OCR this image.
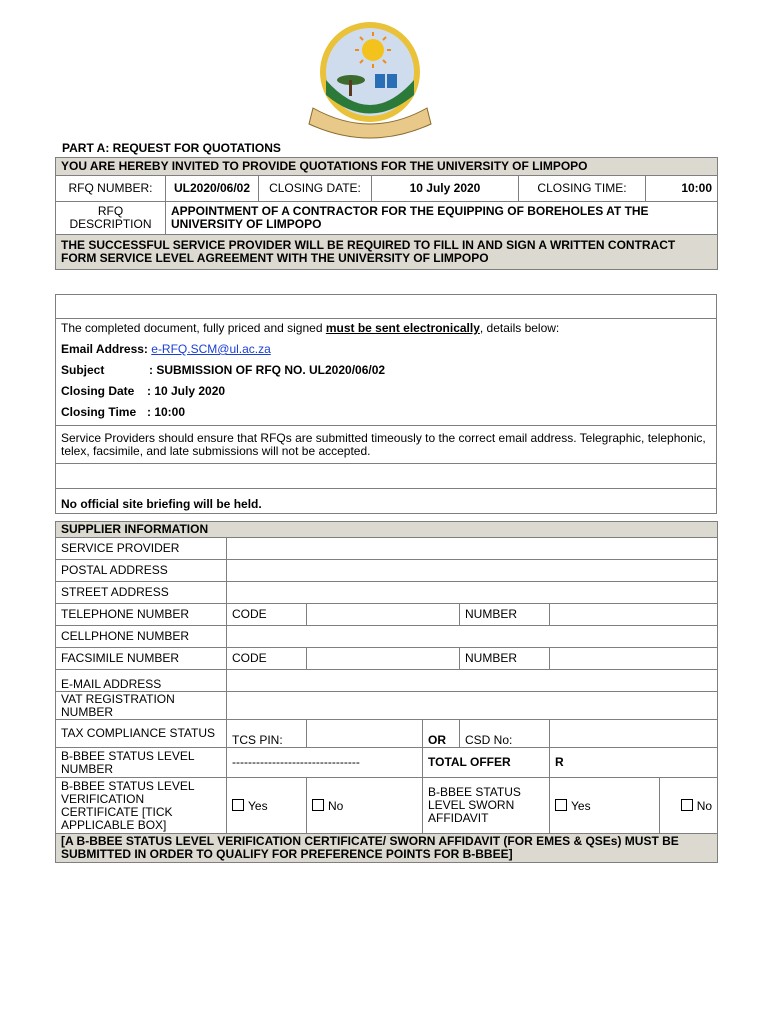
PART A: REQUEST FOR QUOTATIONS
YOU ARE HEREBY INVITED TO PROVIDE QUOTATIONS FOR THE UNIVERSITY OF LIMPOPO					
RFQ NUMBER:	UL2020/06/02	CLOSING DATE:	10 July 2020	CLOSING TIME:	10:00
RFQ DESCRIPTION	APPOINTMENT OF A CONTRACTOR FOR THE EQUIPPING OF BOREHOLES AT THE UNIVERSITY OF LIMPOPO				
THE SUCCESSFUL SERVICE PROVIDER WILL BE REQUIRED TO FILL IN AND SIGN A WRITTEN CONTRACT FORM SERVICE LEVEL AGREEMENT WITH THE UNIVERSITY OF LIMPOPO					

The completed document, fully priced and signed must be sent electronically, details below:
Email Address: e-RFQ.SCM@ul.ac.za
Subject	: SUBMISSION OF RFQ NO. UL2020/06/02
Closing Date : 10 July 2020
Closing Time : 10:00

Service Providers should ensure that RFQs are submitted timeously to the correct email address. Telegraphic, telephonic, telex, facsimile, and late submissions will not be accepted.

No official site briefing will be held.
SUPPLIER INFORMATION						
SERVICE PROVIDER						
POSTAL ADDRESS						
STREET ADDRESS						
TELEPHONE NUMBER	CODE			NUMBER		
CELLPHONE NUMBER						
FACSIMILE NUMBER	CODE			NUMBER		
E-MAIL ADDRESS						
VAT REGISTRATION NUMBER						
TAX COMPLIANCE STATUS	TCS PIN:		OR	CSD No:		
B-BBEE STATUS LEVEL NUMBER	--------------------------------		TOTAL OFFER		R	
B-BBEE STATUS LEVEL VERIFICATION CERTIFICATE [TICK APPLICABLE BOX]	Yes	No	B-BBEE STATUS LEVEL SWORN AFFIDAVIT		Yes	No
[A B-BBEE STATUS LEVEL VERIFICATION CERTIFICATE/ SWORN AFFIDAVIT (FOR EMES & QSEs) MUST BE SUBMITTED IN ORDER TO QUALIFY FOR PREFERENCE POINTS FOR B-BBEE]						
